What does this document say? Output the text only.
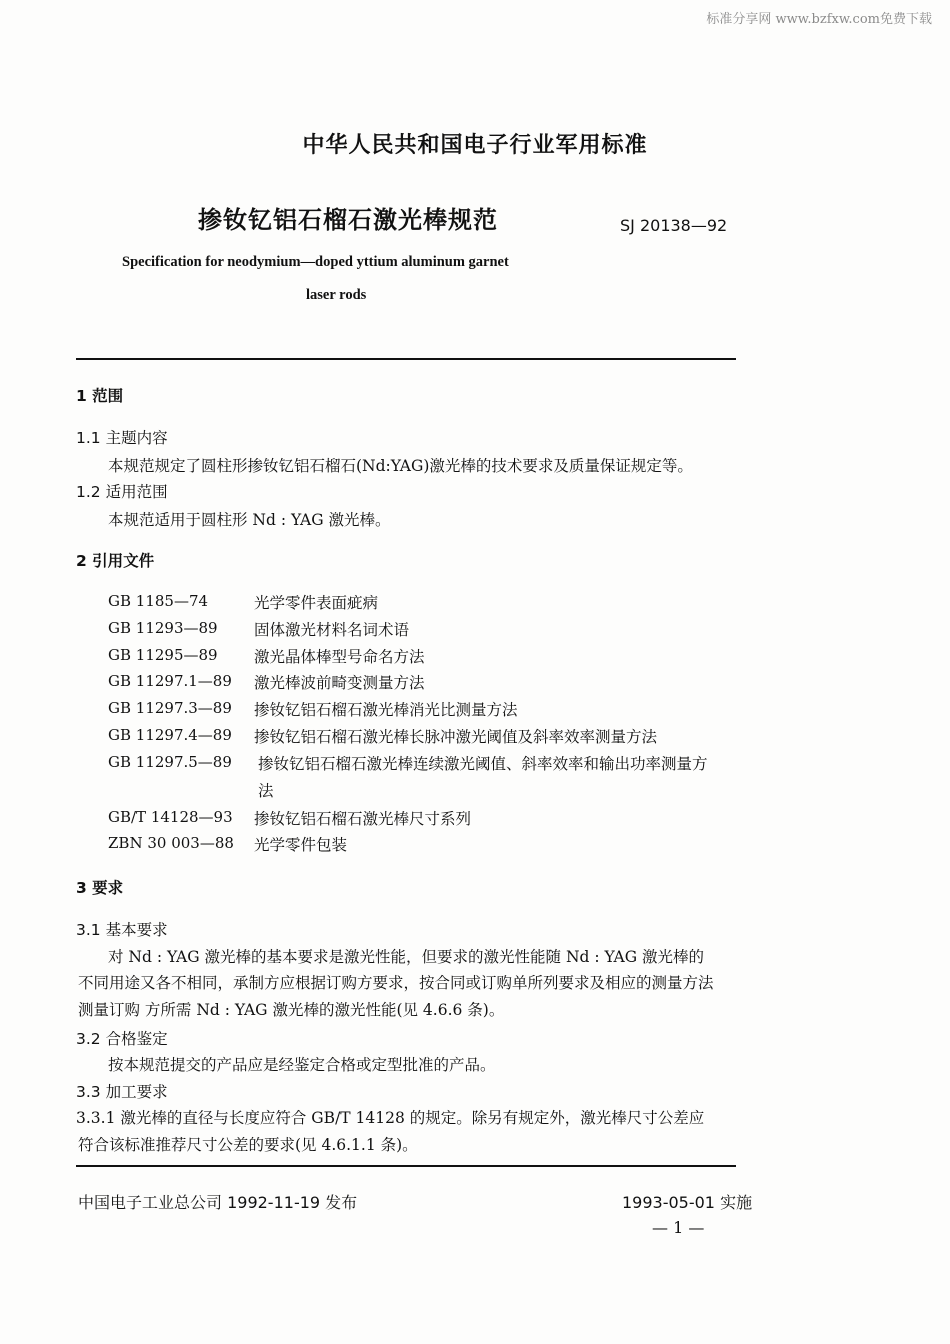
标准分享网 www.bzfxw.com免费下载
中华人民共和国电子行业军用标准
掺钕钇铝石榴石激光棒规范	SJ 20138—92
Specification for neodymium—doped yttium aluminum garnet
laser rods
1 范围
1.1 主题内容
本规范规定了圆柱形掺钕钇铝石榴石(Nd:YAG)激光棒的技术要求及质量保证规定等。
1.2 适用范围
本规范适用于圆柱形 Nd : YAG 激光棒。
2 引用文件
GB 1185—74	光学零件表面疵病
GB 11293—89 固体激光材料名词术语
GB 11295—89 激光晶体棒型号命名方法
GB 11297.1—89 激光棒波前畸变测量方法
GB 11297.3—89 掺钕钇铝石榴石激光棒消光比测量方法
GB 11297.4—89 掺钕钇铝石榴石激光棒长脉冲激光阈值及斜率效率测量方法
GB 11297.5—89 掺钕钇铝石榴石激光棒连续激光阈值、斜率效率和输出功率测量方
法
GB/T 14128—93 掺钕钇铝石榴石激光棒尺寸系列
ZBN 30 003—88 光学零件包装
3 要求
3.1 基本要求
对 Nd : YAG 激光棒的基本要求是激光性能，但要求的激光性能随 Nd : YAG 激光棒的
不同用途又各不相同，承制方应根据订购方要求，按合同或订购单所列要求及相应的测量方法
测量订购 方所需 Nd : YAG 激光棒的激光性能(见 4.6.6 条)。
3.2 合格鉴定
按本规范提交的产品应是经鉴定合格或定型批准的产品。
3.3 加工要求
3.3.1 激光棒的直径与长度应符合 GB/T 14128 的规定。除另有规定外，激光棒尺寸公差应
符合该标准推荐尺寸公差的要求(见 4.6.1.1 条)。
中国电子工业总公司 1992-11-19 发布	1993-05-01 实施
— 1 —
